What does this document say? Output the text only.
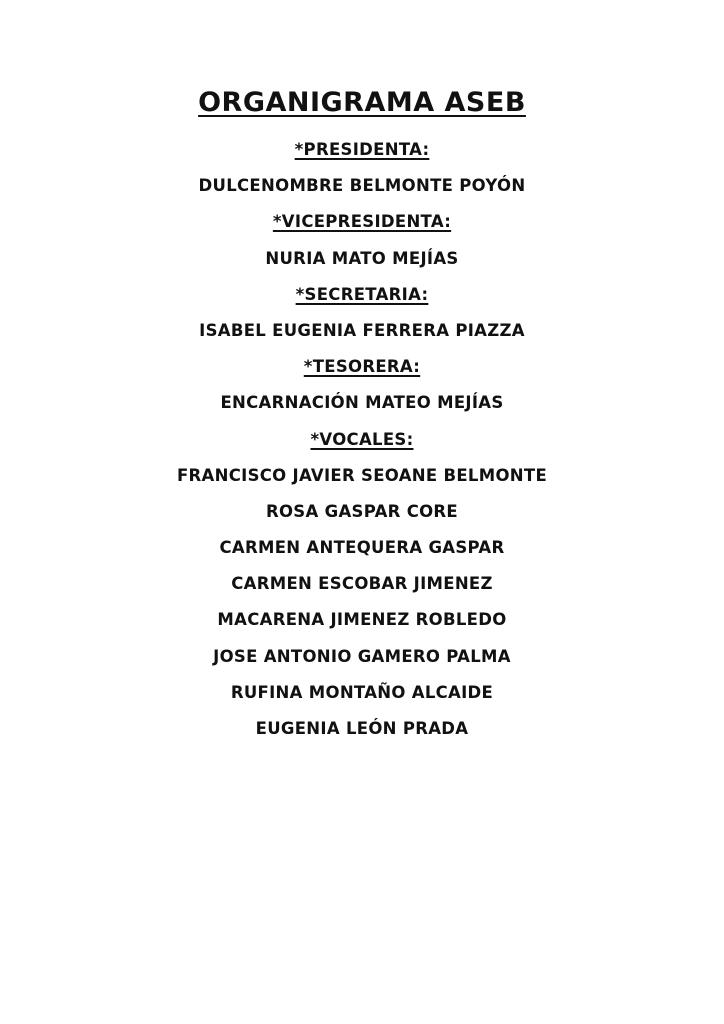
ORGANIGRAMA ASEB
*PRESIDENTA:
DULCENOMBRE BELMONTE POYÓN
*VICEPRESIDENTA:
NURIA MATO MEJÍAS
*SECRETARIA:
ISABEL EUGENIA FERRERA PIAZZA
*TESORERA:
ENCARNACIÓN MATEO MEJÍAS
*VOCALES:
FRANCISCO JAVIER SEOANE BELMONTE
ROSA GASPAR CORE
CARMEN ANTEQUERA GASPAR
CARMEN ESCOBAR JIMENEZ
MACARENA JIMENEZ ROBLEDO
JOSE ANTONIO GAMERO PALMA
RUFINA MONTAÑO ALCAIDE
EUGENIA LEÓN PRADA
